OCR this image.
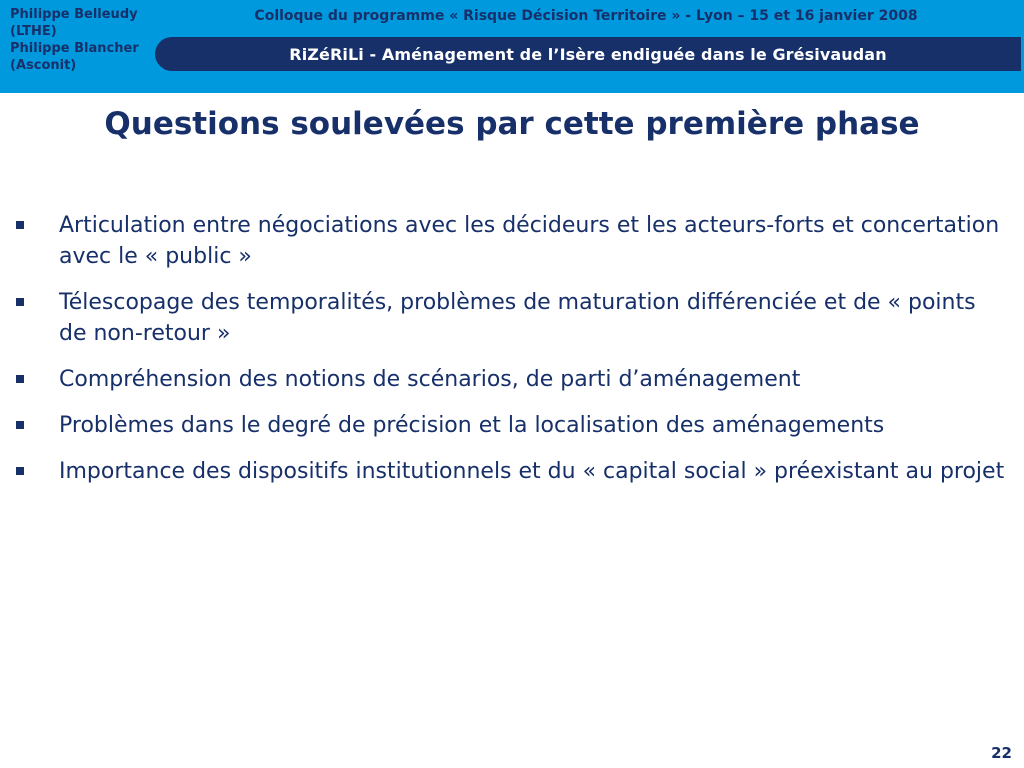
Philippe Belleudy
(LTHE)
Philippe Blancher
(Asconit)
Colloque du programme « Risque Décision Territoire » - Lyon – 15 et 16 janvier 2008
RiZéRiLi - Aménagement de l’Isère endiguée dans le Grésivaudan
Questions soulevées par cette première phase
Articulation entre négociations avec les décideurs et les acteurs-forts et concertation avec le « public »
Télescopage des temporalités, problèmes de maturation différenciée et de « points de non-retour »
Compréhension des notions de scénarios, de parti d’aménagement
Problèmes dans le degré de précision et la localisation des aménagements
Importance des dispositifs institutionnels et du « capital social » préexistant au projet
22
